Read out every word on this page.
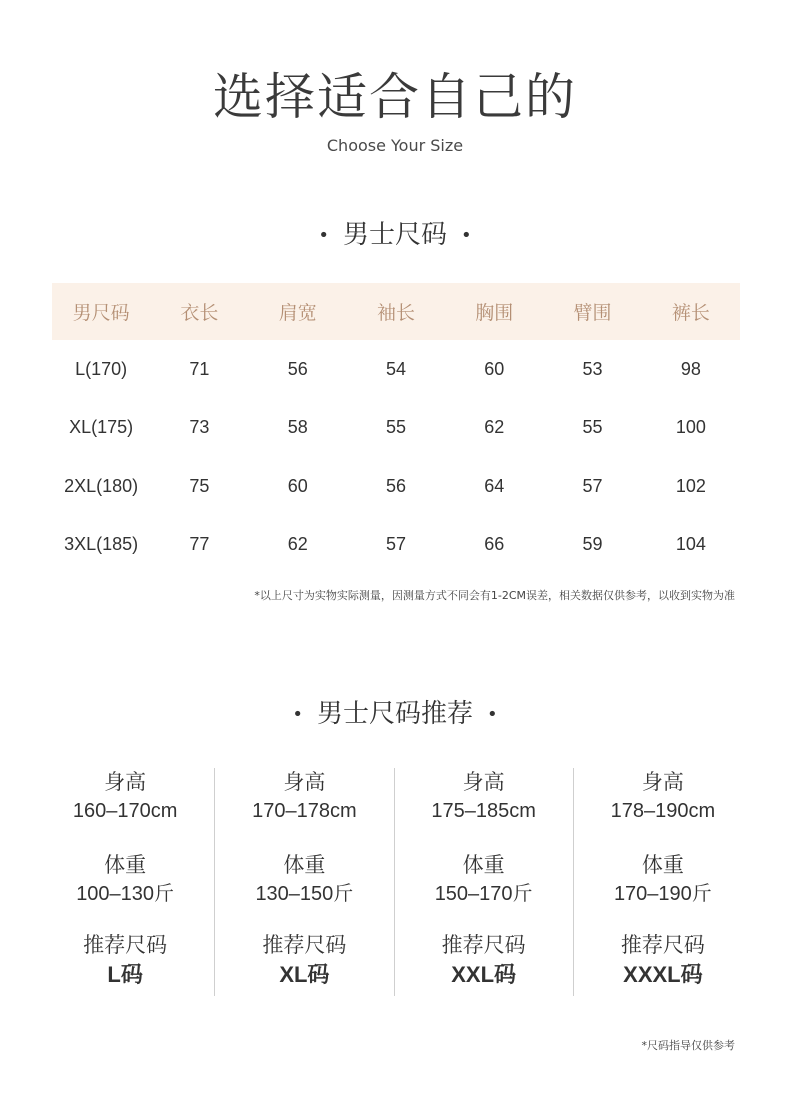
选择适合自己的
Choose Your Size
• 男士尺码 •
男尺码	衣长	肩宽	袖长	胸围	臂围	裤长
L(170)	71	56	54	60	53	98
XL(175)	73	58	55	62	55	100
2XL(180)	75	60	56	64	57	102
3XL(185)	77	62	57	66	59	104
*以上尺寸为实物实际测量，因测量方式不同会有1-2CM误差，相关数据仅供参考，以收到实物为准
• 男士尺码推荐 •
身高
160–170cm
体重
100–130斤
推荐尺码
L码
身高
170–178cm
体重
130–150斤
推荐尺码
XL码
身高
175–185cm
体重
150–170斤
推荐尺码
XXL码
身高
178–190cm
体重
170–190斤
推荐尺码
XXXL码
*尺码指导仅供参考
